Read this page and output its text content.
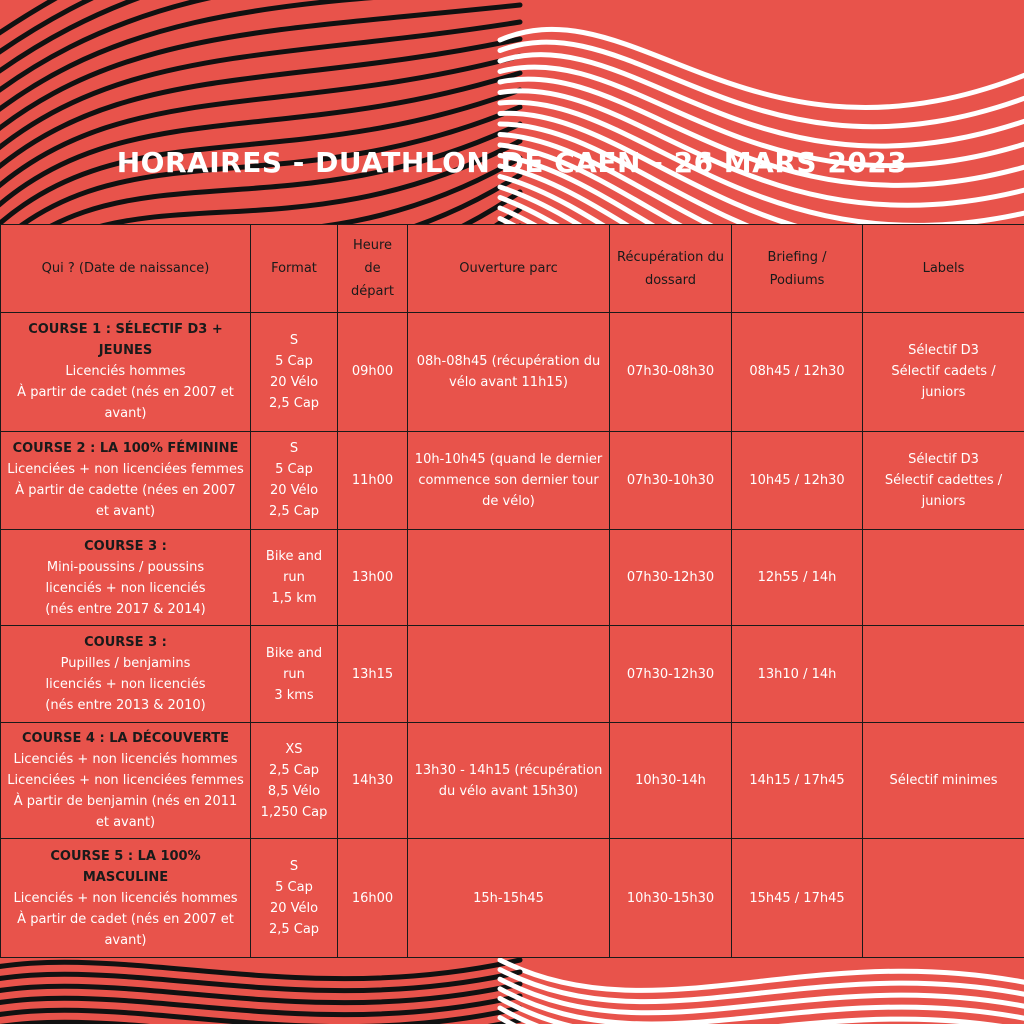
HORAIRES - DUATHLON DE CAEN - 26 MARS 2023
Qui ? (Date de naissance)	Format	Heure de départ	Ouverture parc	Récupération du dossard	Briefing / Podiums	Labels

COURSE 1 : SÉLECTIF D3 + JEUNES
Licenciés hommes
À partir de cadet (nés en 2007 et avant)	S
5 Cap
20 Vélo
2,5 Cap	09h00	08h-08h45 (récupération du vélo avant 11h15)	07h30-08h30	08h45 / 12h30	Sélectif D3
Sélectif cadets / juniors

COURSE 2 : LA 100% FÉMININE
Licenciées + non licenciées femmes
À partir de cadette (nées en 2007 et avant)	S
5 Cap
20 Vélo
2,5 Cap	11h00	10h-10h45 (quand le dernier commence son dernier tour de vélo)	07h30-10h30	10h45 / 12h30	Sélectif D3
Sélectif cadettes / juniors

COURSE 3 :
Mini-poussins / poussins
licenciés + non licenciés
(nés entre 2017 & 2014)	Bike and run
1,5 km	13h00		07h30-12h30	12h55 / 14h	

COURSE 3 :
Pupilles / benjamins
licenciés + non licenciés
(nés entre 2013 & 2010)	Bike and run
3 kms	13h15		07h30-12h30	13h10 / 14h	

COURSE 4 : LA DÉCOUVERTE
Licenciés + non licenciés hommes
Licenciées + non licenciées femmes
À partir de benjamin (nés en 2011 et avant)	XS
2,5 Cap
8,5 Vélo
1,250 Cap	14h30	13h30 - 14h15 (récupération du vélo avant 15h30)	10h30-14h	14h15 / 17h45	Sélectif minimes

COURSE 5 : LA 100% MASCULINE
Licenciés + non licenciés hommes
À partir de cadet (nés en 2007 et avant)	S
5 Cap
20 Vélo
2,5 Cap	16h00	15h-15h45	10h30-15h30	15h45 / 17h45	
